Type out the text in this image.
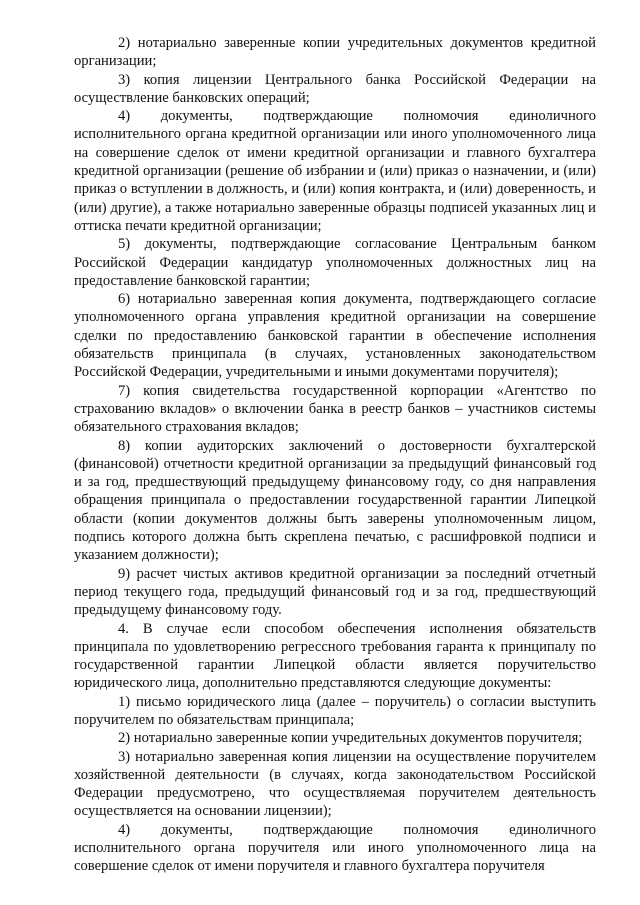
2) нотариально заверенные копии учредительных документов кредитной организации;

3) копия лицензии Центрального банка Российской Федерации на осуществление банковских операций;

4) документы, подтверждающие полномочия единоличного исполнительного органа кредитной организации или иного уполномоченного лица на совершение сделок от имени кредитной организации и главного бухгалтера кредитной организации (решение об избрании и (или) приказ о назначении, и (или) приказ о вступлении в должность, и (или) копия контракта, и (или) доверенность, и (или) другие), а также нотариально заверенные образцы подписей указанных лиц и оттиска печати кредитной организации;

5) документы, подтверждающие согласование Центральным банком Российской Федерации кандидатур уполномоченных должностных лиц на предоставление банковской гарантии;

6) нотариально заверенная копия документа, подтверждающего согласие уполномоченного органа управления кредитной организации на совершение сделки по предоставлению банковской гарантии в обеспечение исполнения обязательств принципала (в случаях, установленных законодательством Российской Федерации, учредительными и иными документами поручителя);

7) копия свидетельства государственной корпорации «Агентство по страхованию вкладов» о включении банка в реестр банков – участников системы обязательного страхования вкладов;

8) копии аудиторских заключений о достоверности бухгалтерской (финансовой) отчетности кредитной организации за предыдущий финансовый год и за год, предшествующий предыдущему финансовому году, со дня направления обращения принципала о предоставлении государственной гарантии Липецкой области (копии документов должны быть заверены уполномоченным лицом, подпись которого должна быть скреплена печатью, с расшифровкой подписи и указанием должности);

9) расчет чистых активов кредитной организации за последний отчетный период текущего года, предыдущий финансовый год и за год, предшествующий предыдущему финансовому году.

4. В случае если способом обеспечения исполнения обязательств принципала по удовлетворению регрессного требования гаранта к принципалу по государственной гарантии Липецкой области является поручительство юридического лица, дополнительно представляются следующие документы:

1) письмо юридического лица (далее – поручитель) о согласии выступить поручителем по обязательствам принципала;

2) нотариально заверенные копии учредительных документов поручителя;

3) нотариально заверенная копия лицензии на осуществление поручителем хозяйственной деятельности (в случаях, когда законодательством Российской Федерации предусмотрено, что осуществляемая поручителем деятельность осуществляется на основании лицензии);

4) документы, подтверждающие полномочия единоличного исполнительного органа поручителя или иного уполномоченного лица на совершение сделок от имени поручителя и главного бухгалтера поручителя
